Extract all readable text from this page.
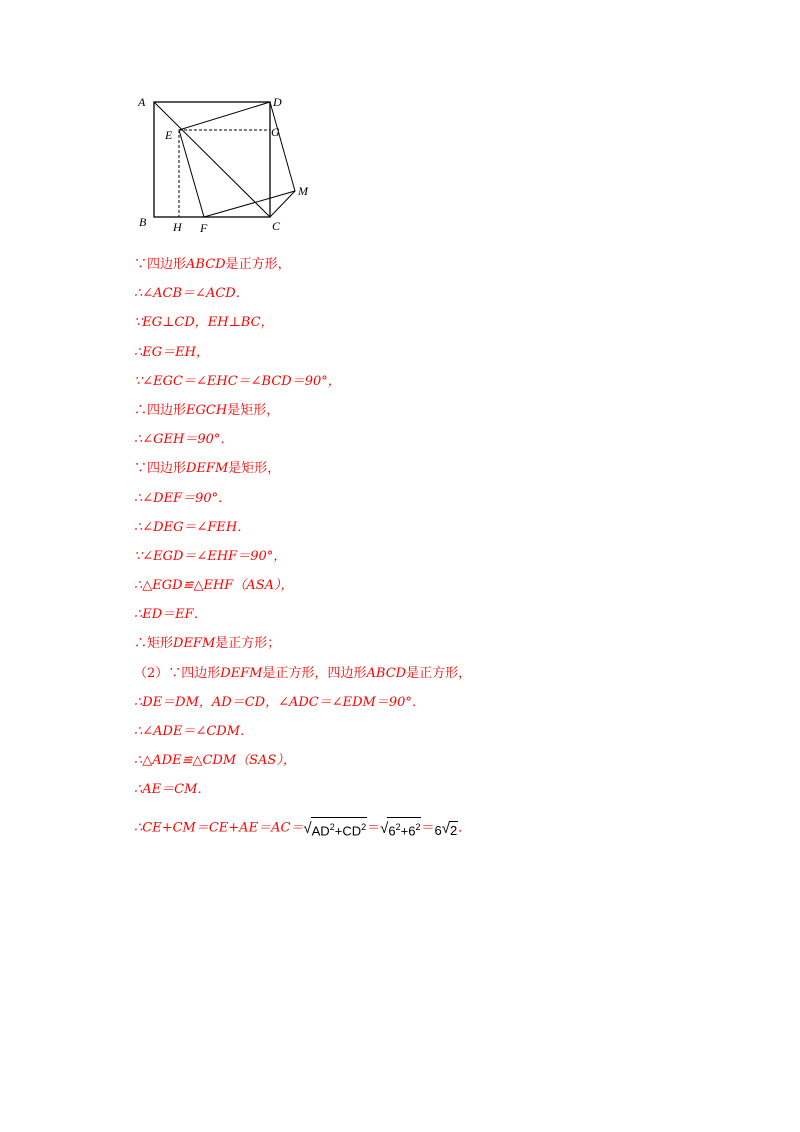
A	D
E	G
M
B H F	C
∵四边形ABCD是正方形，
∴∠ACB＝∠ACD．
∵EG⊥CD，EH⊥BC，
∴EG＝EH，
∵∠EGC＝∠EHC＝∠BCD＝90°，
∴四边形EGCH是矩形，
∴∠GEH＝90°．
∵四边形DEFM是矩形，
∴∠DEF＝90°．
∴∠DEG＝∠FEH．
∵∠EGD＝∠EHF＝90°，
∴△EGD≌△EHF（ASA），
∴ED＝EF．
∴矩形DEFM是正方形；
（2）∵四边形DEFM是正方形，四边形ABCD是正方形，
∴DE＝DM，AD＝CD，∠ADC＝∠EDM＝90°．
∴∠ADE＝∠CDM．
∴△ADE≌△CDM（SAS），
∴AE＝CM．
$\therefore CE+CM=CE+AE=AC=√AD^2+CD^2=√6^2+6^2=6√2$．
